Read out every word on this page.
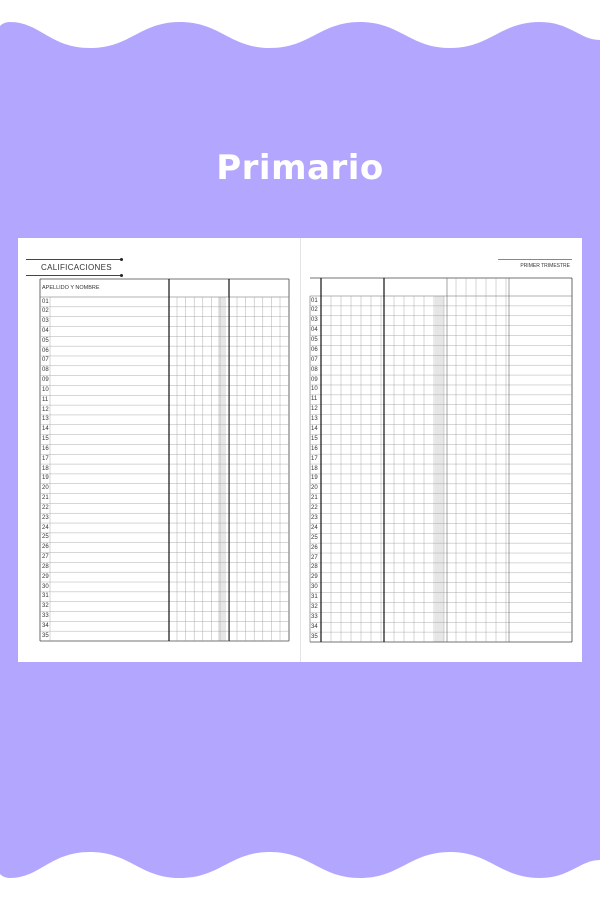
Primario
CALIFICACIONES
APELLIDO Y NOMBRE
PRIMER TRIMESTRE
01
02
03
04
05
06
07
08
09
10
11
12
13
14
15
16
17
18
19
20
21
22
23
24
25
26
27
28
29
30
31
32
33
34
35
01
02
03
04
05
06
07
08
09
10
11
12
13
14
15
16
17
18
19
20
21
22
23
24
25
26
27
28
29
30
31
32
33
34
35
